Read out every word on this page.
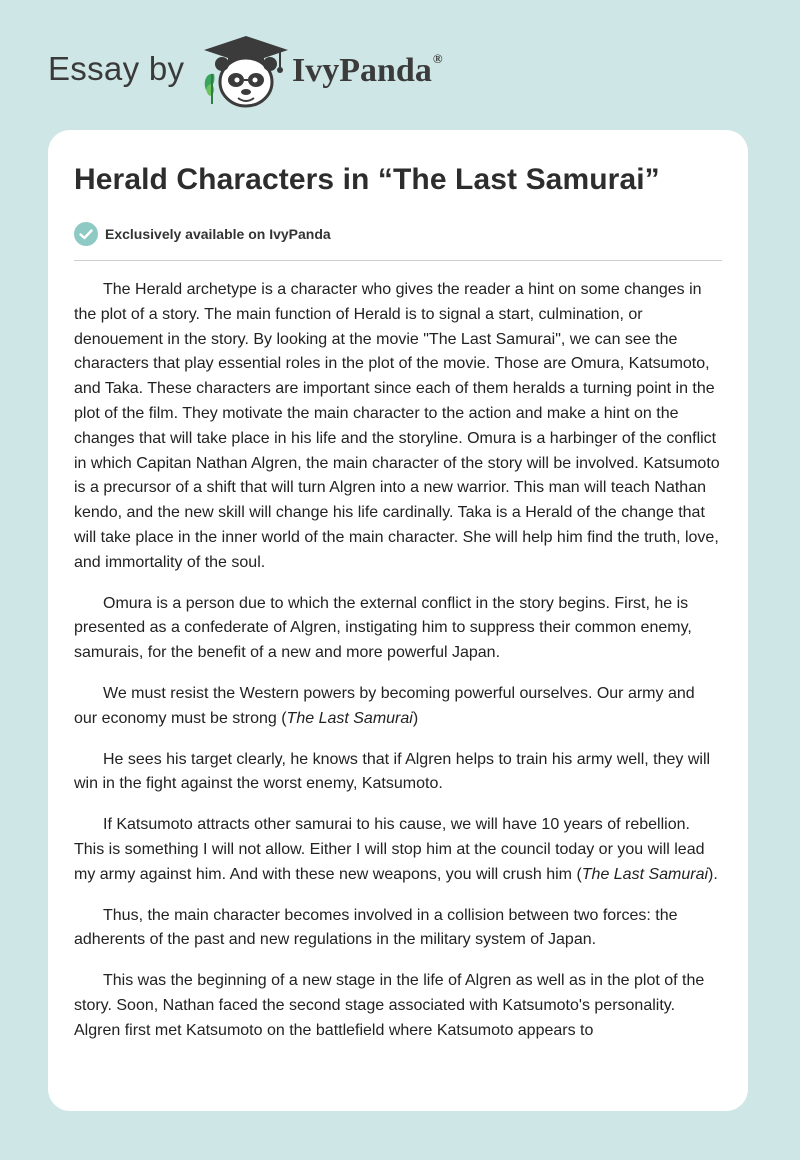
Essay by	IvyPanda®
Herald Characters in “The Last Samurai”
Exclusively available on IvyPanda

The Herald archetype is a character who gives the reader a hint on some changes in the plot of a story. The main function of Herald is to signal a start, culmination, or denouement in the story. By looking at the movie "The Last Samurai", we can see the characters that play essential roles in the plot of the movie. Those are Omura, Katsumoto, and Taka. These characters are important since each of them heralds a turning point in the plot of the film. They motivate the main character to the action and make a hint on the changes that will take place in his life and the storyline. Omura is a harbinger of the conflict in which Capitan Nathan Algren, the main character of the story will be involved. Katsumoto is a precursor of a shift that will turn Algren into a new warrior. This man will teach Nathan kendo, and the new skill will change his life cardinally. Taka is a Herald of the change that will take place in the inner world of the main character. She will help him find the truth, love, and immortality of the soul.

Omura is a person due to which the external conflict in the story begins. First, he is presented as a confederate of Algren, instigating him to suppress their common enemy, samurais, for the benefit of a new and more powerful Japan.

We must resist the Western powers by becoming powerful ourselves. Our army and our economy must be strong (The Last Samurai)

He sees his target clearly, he knows that if Algren helps to train his army well, they will win in the fight against the worst enemy, Katsumoto.

If Katsumoto attracts other samurai to his cause, we will have 10 years of rebellion. This is something I will not allow. Either I will stop him at the council today or you will lead my army against him. And with these new weapons, you will crush him (The Last Samurai).

Thus, the main character becomes involved in a collision between two forces: the adherents of the past and new regulations in the military system of Japan.

This was the beginning of a new stage in the life of Algren as well as in the plot of the story. Soon, Nathan faced the second stage associated with Katsumoto's personality. Algren first met Katsumoto on the battlefield where Katsumoto appears to
